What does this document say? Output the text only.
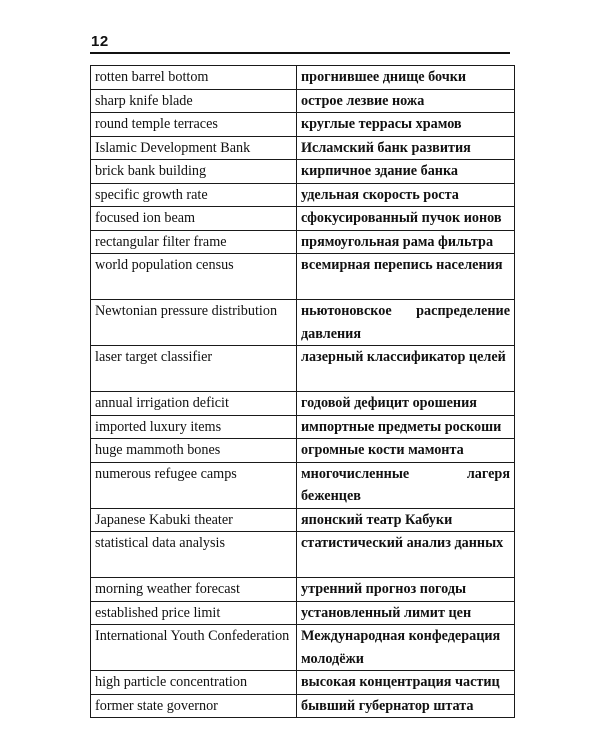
12
rotten barrel bottom	прогнившее днище бочки
sharp knife blade	острое лезвие ножа
round temple terraces	круглые террасы храмов
Islamic Development Bank	Исламский банк развития
brick bank building	кирпичное здание банка
specific growth rate	удельная скорость роста
focused ion beam	сфокусированный пучок ионов
rectangular filter frame	прямоугольная рама фильтра
world population census	всемирная перепись населения
Newtonian pressure distribution	ньютоновское распределение давления
laser target classifier	лазерный классификатор целей
annual irrigation deficit	годовой дефицит орошения
imported luxury items	импортные предметы роскоши
huge mammoth bones	огромные кости мамонта
numerous refugee camps	многочисленные лагеря беженцев
Japanese Kabuki theater	японский театр Кабуки
statistical data analysis	статистический анализ данных
morning weather forecast	утренний прогноз погоды
established price limit	установленный лимит цен
International Youth Confederation	Международная конфедерация молодёжи
high particle concentration	высокая концентрация частиц
former state governor	бывший губернатор штата
